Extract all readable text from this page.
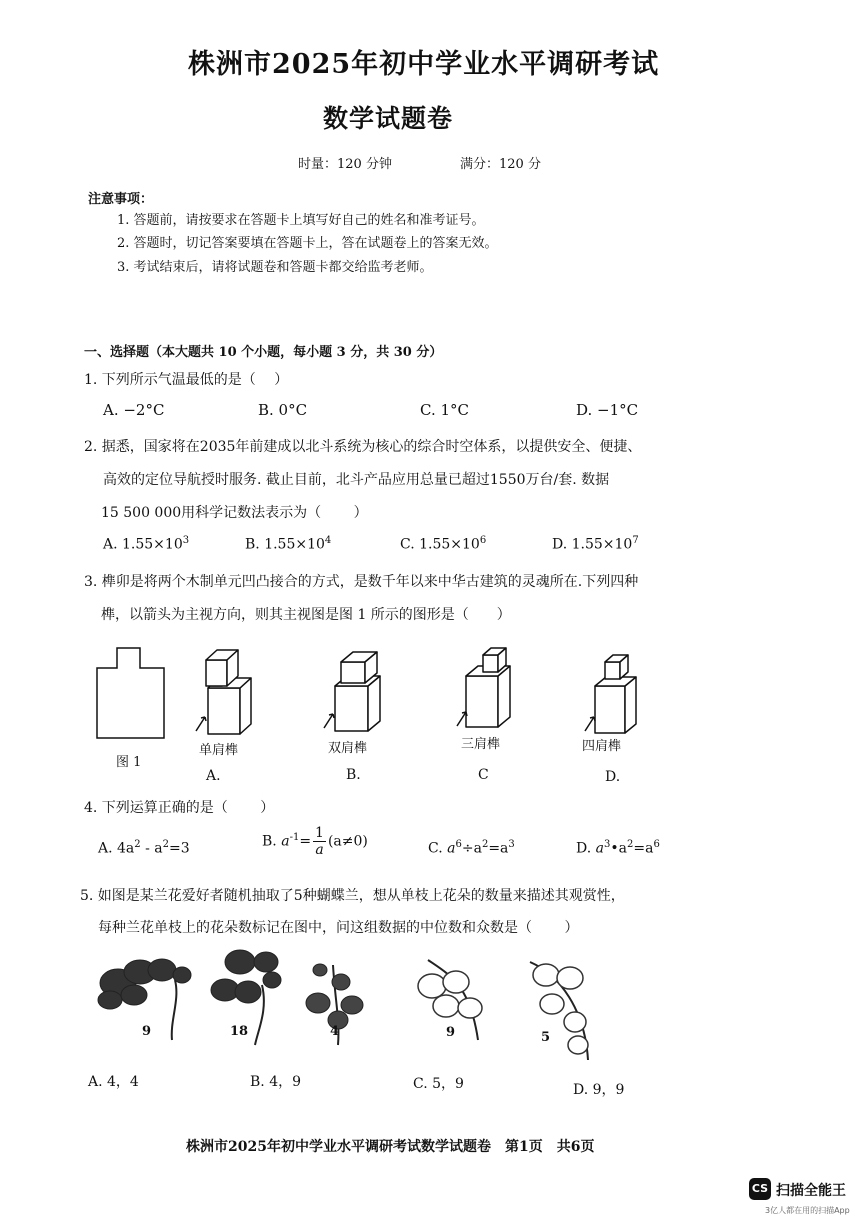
株洲市2025年初中学业水平调研考试
数学试题卷
时量：120 分钟	满分：120 分
注意事项：
1. 答题前，请按要求在答题卡上填写好自己的姓名和准考证号。
2. 答题时，切记答案要填在答题卡上，答在试题卷上的答案无效。
3. 考试结束后，请将试题卷和答题卡都交给监考老师。
一、选择题（本大题共 10 个小题，每小题 3 分，共 30 分）
1. 下列所示气温最低的是（　 ）
A. −2°C	B. 0°C	C. 1°C	D. −1°C
2. 据悉，国家将在2035年前建成以北斗系统为核心的综合时空体系，以提供安全、便捷、
高效的定位导航授时服务. 截止目前，北斗产品应用总量已超过1550万台/套. 数据
15 500 000用科学记数法表示为（　　 ）
A. $1.55\times 10^3$	B. $1.55\times 10^4$	C. $1.55\times 10^6$	D. $1.55\times 10^7$
3. 榫卯是将两个木制单元凹凸接合的方式，是数千年以来中华古建筑的灵魂所在.下列四种
榫，以箭头为主视方向，则其主视图是图 1 所示的图形是（　　）
图 1
单肩榫
A.
双肩榫
B.
三肩榫
C
四肩榫
D.
4. 下列运算正确的是（　　 ）
A. $4a^2 - a^2=3$	B. $a^{-1}= \frac{1}{a} (a\ne 0)$	C. $a^6\div a^2=a^3$	D. $a^3•a^2=a^6$
5. 如图是某兰花爱好者随机抽取了5种蝴蝶兰，想从单枝上花朵的数量来描述其观赏性，
每种兰花单枝上的花朵数标记在图中，问这组数据的中位数和众数是（　　 ）
9	18	4	9	5
A. 4，4	B. 4，9	C. 5，9	D. 9，9
株洲市2025年初中学业水平调研考试数学试题卷　第1页　共6页
CS 扫描全能王
3亿人都在用的扫描App
